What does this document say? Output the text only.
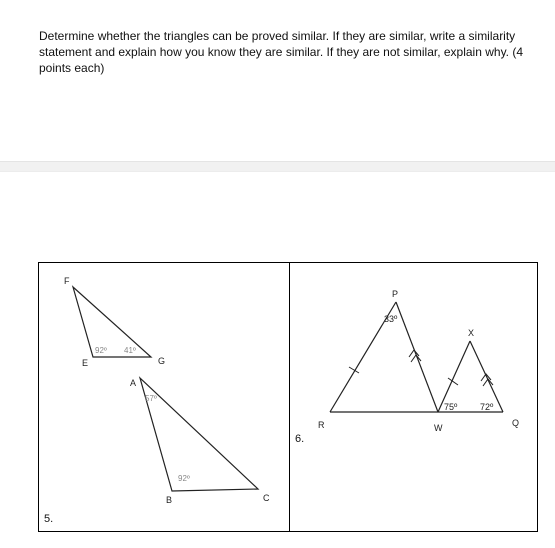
Determine whether the triangles can be proved similar. If they are similar, write a similarity statement and explain how you know they are similar. If they are not similar, explain why. (4 points each)

5.
6.
F
E	G
92º 41º
A
B	C
57º
92º
P
X
R	W	Q
33º
75º	72º
